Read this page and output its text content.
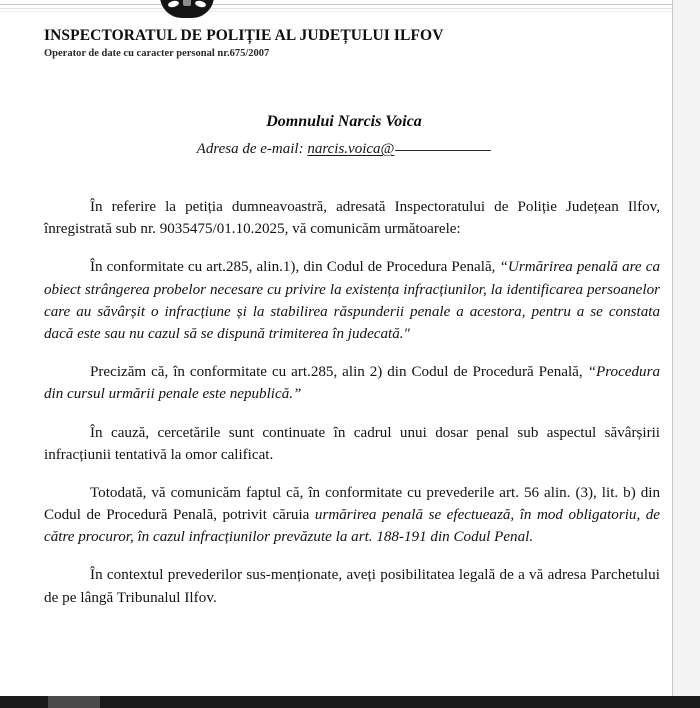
INSPECTORATUL DE POLIȚIE AL JUDEȚULUI ILFOV
Operator de date cu caracter personal nr.675/2007
Domnului Narcis Voica
Adresa de e-mail: narcis.voica@

În referire la petiția dumneavoastră, adresată Inspectoratului de Poliție Județean Ilfov, înregistrată sub nr. 9035475/01.10.2025, vă comunicăm următoarele:

În conformitate cu art.285, alin.1), din Codul de Procedura Penală, “Urmărirea penală are ca obiect strângerea probelor necesare cu privire la existența infracțiunilor, la identificarea persoanelor care au săvârșit o infracțiune și la stabilirea răspunderii penale a acestora, pentru a se constata dacă este sau nu cazul să se dispună trimiterea în judecată."

Precizăm că, în conformitate cu art.285, alin 2) din Codul de Procedură Penală, “Procedura din cursul urmării penale este nepublică.”

În cauză, cercetările sunt continuate în cadrul unui dosar penal sub aspectul săvârșirii infracțiunii tentativă la omor calificat.

Totodată, vă comunicăm faptul că, în conformitate cu prevederile art. 56 alin. (3), lit. b) din Codul de Procedură Penală, potrivit căruia urmărirea penală se efectuează, în mod obligatoriu, de către procuror, în cazul infracțiunilor prevăzute la art. 188-191 din Codul Penal.

În contextul prevederilor sus-menționate, aveți posibilitatea legală de a vă adresa Parchetului de pe lângă Tribunalul Ilfov.
